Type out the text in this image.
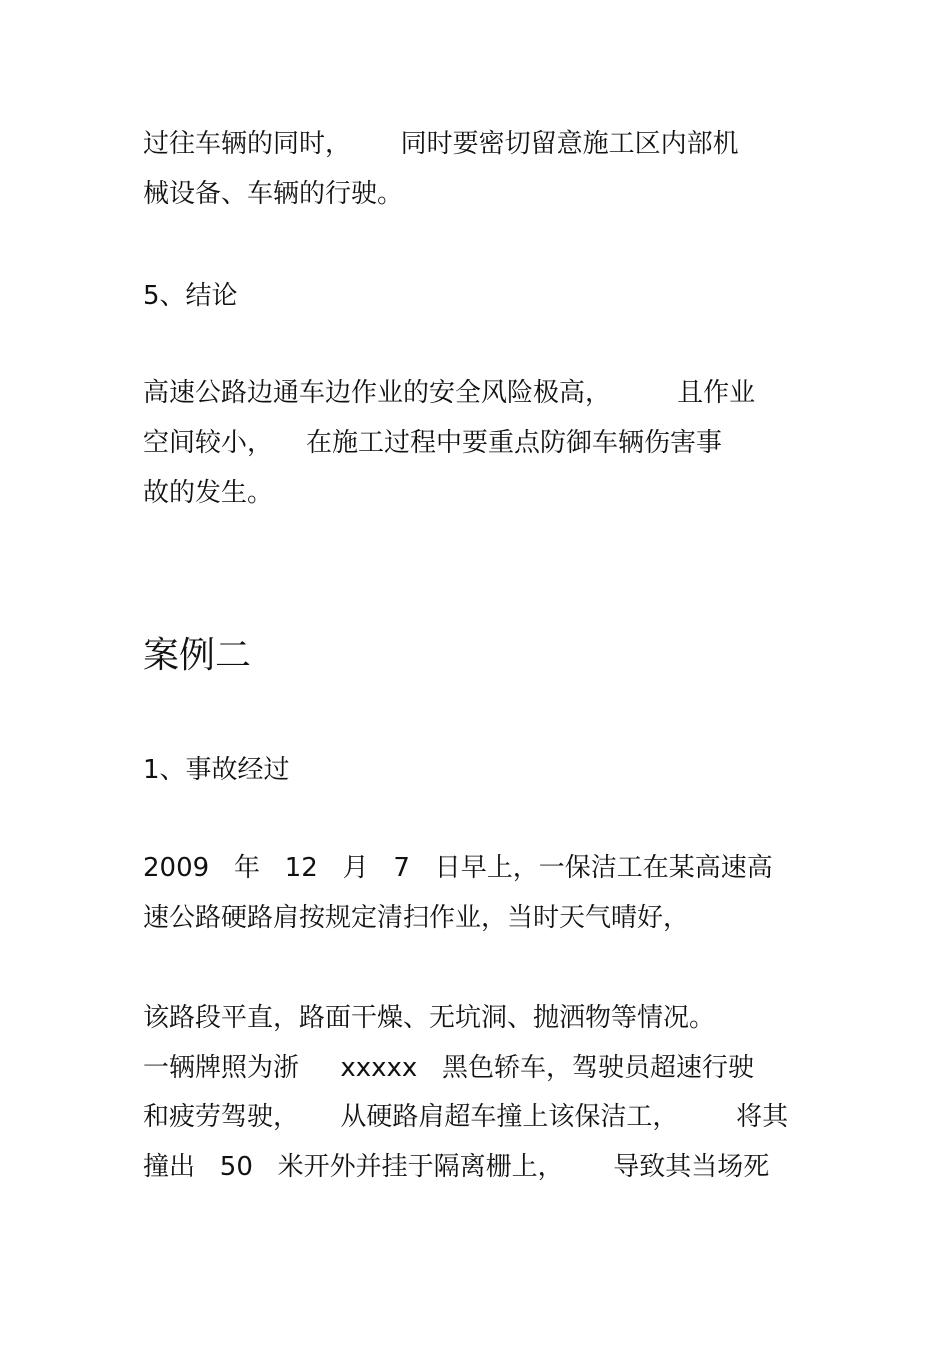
过往车辆的同时，      同时要密切留意施工区内部机
械设备、车辆的行驶。
5、结论
高速公路边通车边作业的安全风险极高，        且作业
空间较小，    在施工过程中要重点防御车辆伤害事
故的发生。
案例二
1、事故经过
2009   年   12   月   7   日早上，一保洁工在某高速高
速公路硬路肩按规定清扫作业，当时天气晴好，
该路段平直，路面干燥、无坑洞、抛洒物等情况。
一辆牌照为浙     xxxxx   黑色轿车，驾驶员超速行驶
和疲劳驾驶，     从硬路肩超车撞上该保洁工，       将其
撞出   50   米开外并挂于隔离栅上，      导致其当场死
